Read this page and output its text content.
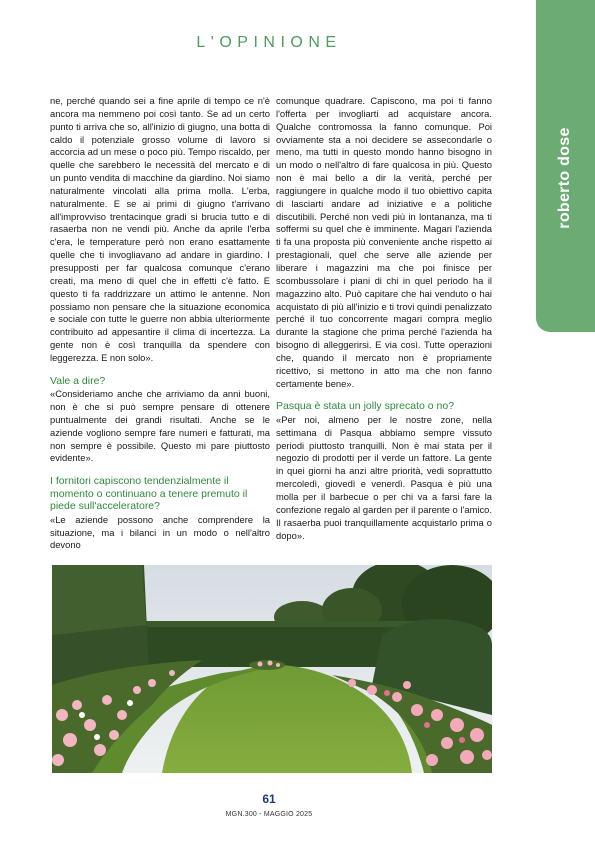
L'OPINIONE
roberto dose

ne, perché quando sei a fine aprile di tempo ce n'è ancora ma nemmeno poi così tanto. Se ad un certo punto ti arriva che so, all'inizio di giugno, una botta di caldo il potenziale grosso volume di lavoro si accorcia ad un mese o poco più. Tempo riscaldo, per quelle che sarebbero le necessità del mercato e di un punto vendita di macchine da giardino. Noi siamo naturalmente vincolati alla prima molla. L'erba, naturalmente. E se ai primi di giugno t'arrivano all'improvviso trentacinque gradi si brucia tutto e di rasaerba non ne vendi più. Anche da aprile l'erba c'era, le temperature però non erano esattamente quelle che ti invogliavano ad andare in giardino. I presupposti per far qualcosa comunque c'erano creati, ma meno di quel che in effetti c'è fatto. E questo ti fa raddrizzare un attimo le antenne. Non possiamo non pensare che la situazione economica e sociale con tutte le guerre non abbia ulteriormente contribuito ad appesantire il clima di incertezza. La gente non è così tranquilla da spendere con leggerezza. E non solo».

Vale a dire?

«Consideriamo anche che arriviamo da anni buoni, non è che si può sempre pensare di ottenere puntualmente dei grandi risultati. Anche se le aziende vogliono sempre fare numeri e fatturati, ma non sempre è possibile. Questo mi pare piuttosto evidente».

I fornitori capiscono tendenzialmente il momento o continuano a tenere premuto il piede sull'acceleratore?

«Le aziende possono anche comprendere la situazione, ma i bilanci in un modo o nell'altro devono

comunque quadrare. Capiscono, ma poi ti fanno l'offerta per invogliarti ad acquistare ancora. Qualche contromossa la fanno comunque. Poi ovviamente sta a noi decidere se assecondarle o meno, ma tutti in questo mondo hanno bisogno in un modo o nell'altro di fare qualcosa in più. Questo non è mai bello a dir la verità, perché per raggiungere in qualche modo il tuo obiettivo capita di lasciarti andare ad iniziative e a politiche discutibili. Perché non vedi più in lontananza, ma ti soffermi su quel che è imminente. Magari l'azienda ti fa una proposta più conveniente anche rispetto ai prestagionali, quel che serve alle aziende per liberare i magazzini ma che poi finisce per scombussolare i piani di chi in quel periodo ha il magazzino alto. Può capitare che hai venduto o hai acquistato di più all'inizio e ti trovi quindi penalizzato perché il tuo concorrente magari compra meglio durante la stagione che prima perché l'azienda ha bisogno di alleggerirsi. E via così. Tutte operazioni che, quando il mercato non è propriamente ricettivo, si mettono in atto ma che non fanno certamente bene».

Pasqua è stata un jolly sprecato o no?

«Per noi, almeno per le nostre zone, nella settimana di Pasqua abbiamo sempre vissuto periodi piuttosto tranquilli. Non è mai stata per il negozio di prodotti per il verde un fattore. La gente in quei giorni ha anzi altre priorità, vedi soprattutto mercoledì, giovedì e venerdì. Pasqua è più una molla per il barbecue o per chi va a farsi fare la confezione regalo al garden per il parente o l'amico. Il rasaerba puoi tranquillamente acquistarlo prima o dopo».

61
MGN.300 - MAGGIO 2025
